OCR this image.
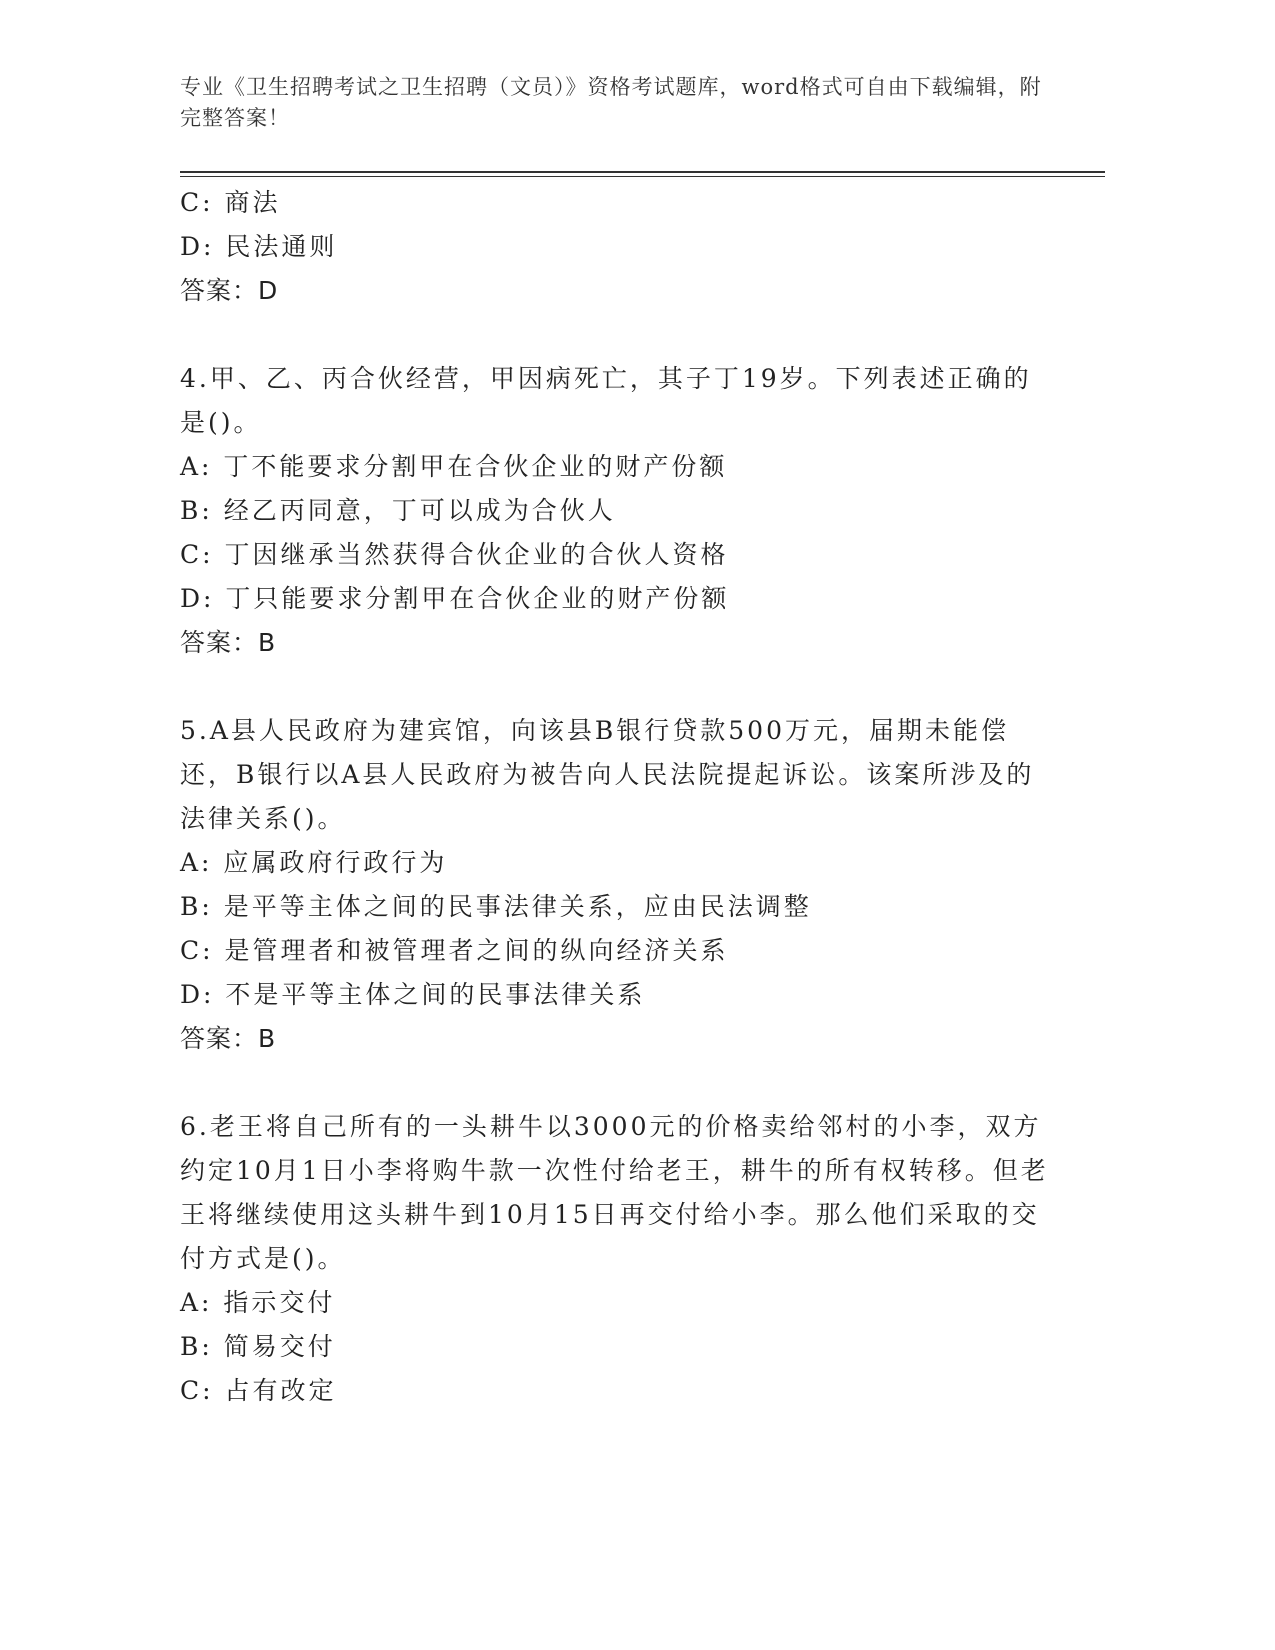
专业《卫生招聘考试之卫生招聘（文员）》资格考试题库，word格式可自由下载编辑，附完整答案！
C: 商法
D: 民法通则
答案：D
4.甲、乙、丙合伙经营，甲因病死亡，其子丁19岁。下列表述正确的是()。
A: 丁不能要求分割甲在合伙企业的财产份额
B: 经乙丙同意，丁可以成为合伙人
C: 丁因继承当然获得合伙企业的合伙人资格
D: 丁只能要求分割甲在合伙企业的财产份额
答案：B
5.A县人民政府为建宾馆，向该县B银行贷款500万元，届期未能偿还，B银行以A县人民政府为被告向人民法院提起诉讼。该案所涉及的法律关系()。
A: 应属政府行政行为
B: 是平等主体之间的民事法律关系，应由民法调整
C: 是管理者和被管理者之间的纵向经济关系
D: 不是平等主体之间的民事法律关系
答案：B
6.老王将自己所有的一头耕牛以3000元的价格卖给邻村的小李，双方约定10月1日小李将购牛款一次性付给老王，耕牛的所有权转移。但老王将继续使用这头耕牛到10月15日再交付给小李。那么他们采取的交付方式是()。
A: 指示交付
B: 简易交付
C: 占有改定
